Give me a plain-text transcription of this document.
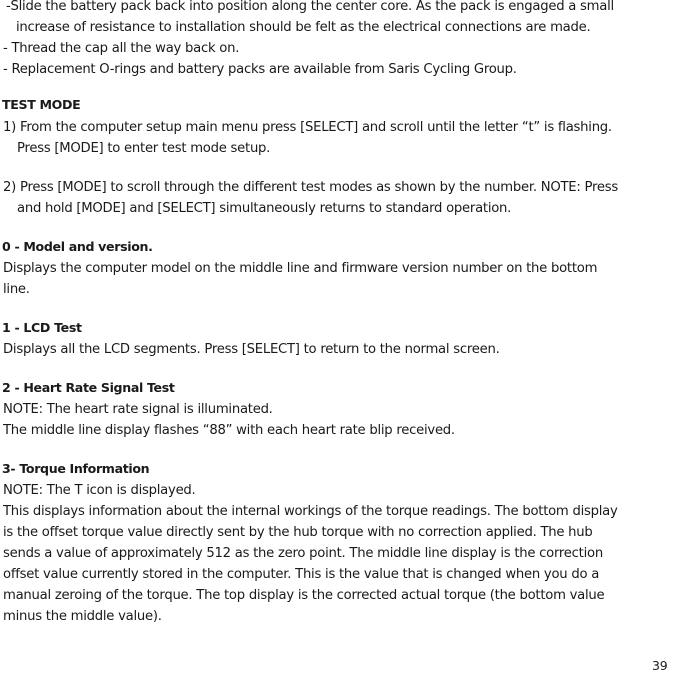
-Slide the battery pack back into position along the center core. As the pack is engaged a small
increase of resistance to installation should be felt as the electrical connections are made.
- Thread the cap all the way back on.
- Replacement O-rings and battery packs are available from Saris Cycling Group.
TEST MODE
1) From the computer setup main menu press [SELECT] and scroll until the letter “t” is flashing.
Press [MODE] to enter test mode setup.
2) Press [MODE] to scroll through the different test modes as shown by the number. NOTE: Press
and hold [MODE] and [SELECT] simultaneously returns to standard operation.
0 - Model and version.
Displays the computer model on the middle line and firmware version number on the bottom
line.
1 - LCD Test
Displays all the LCD segments. Press [SELECT] to return to the normal screen.
2 - Heart Rate Signal Test
NOTE: The heart rate signal is illuminated.
The middle line display flashes “88” with each heart rate blip received.
3- Torque Information
NOTE: The T icon is displayed.
This displays information about the internal workings of the torque readings. The bottom display
is the offset torque value directly sent by the hub torque with no correction applied. The hub
sends a value of approximately 512 as the zero point. The middle line display is the correction
offset value currently stored in the computer. This is the value that is changed when you do a
manual zeroing of the torque. The top display is the corrected actual torque (the bottom value
minus the middle value).
39
